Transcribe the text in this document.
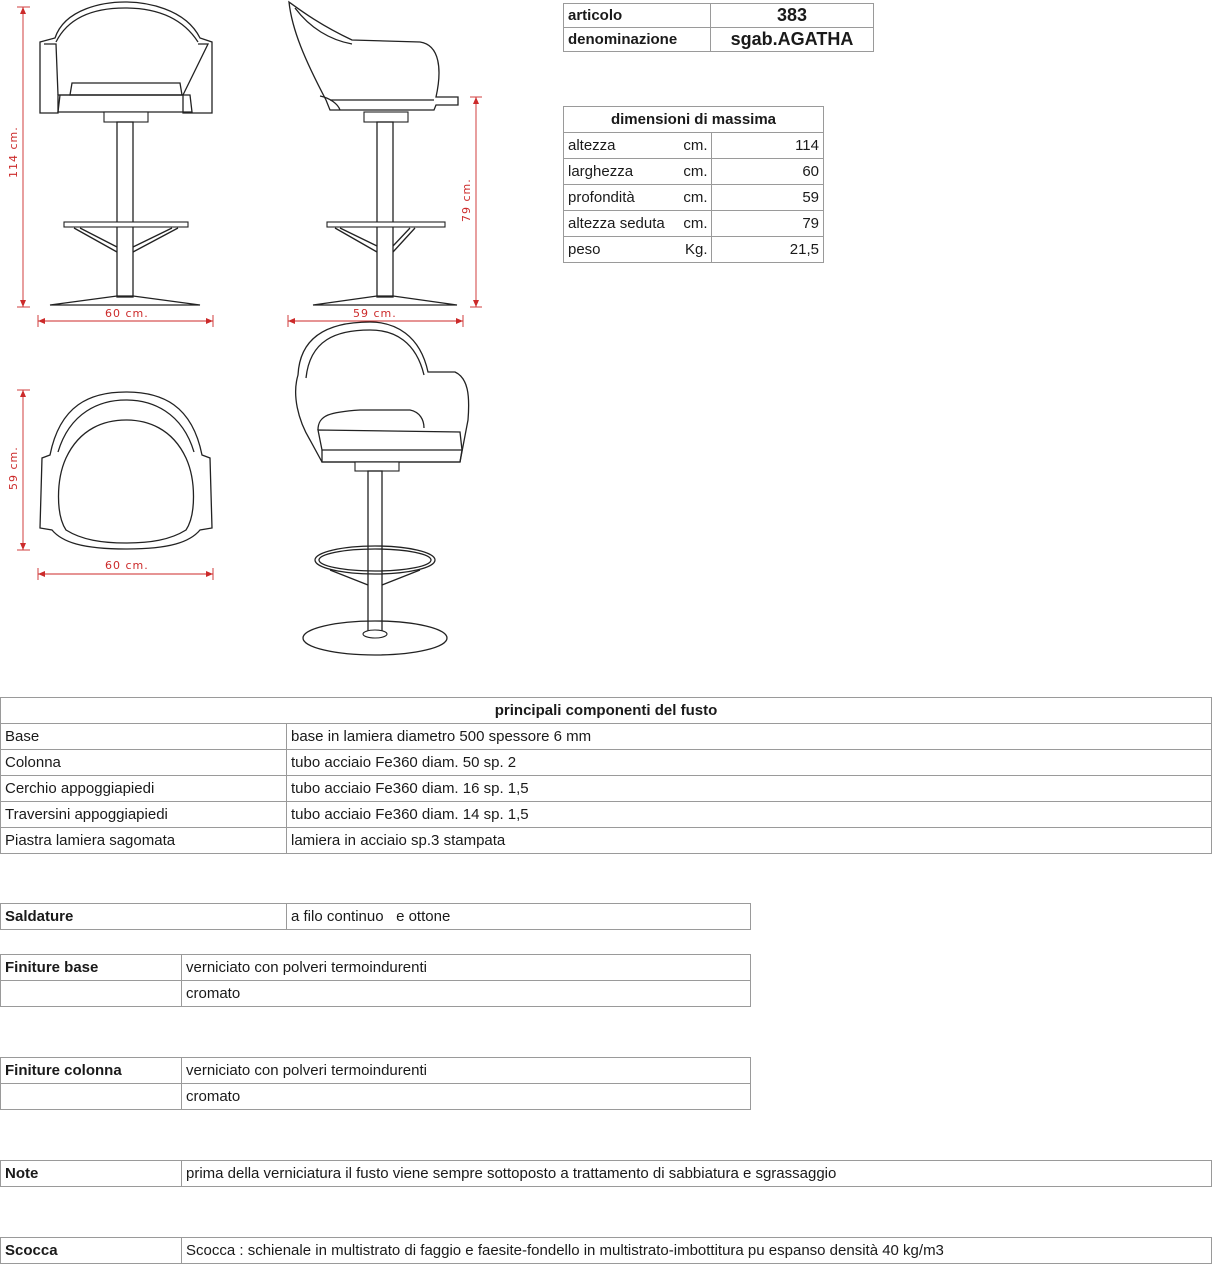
114 cm.
60 cm.	59 cm.
79 cm.
59 cm.
60 cm.
articolo	383
denominazione	sgab.AGATHA
dimensioni di massima	
altezza cm.	114
larghezza cm.	60
profondità cm.	59
altezza seduta cm.	79
peso Kg.	21,5
principali componenti del fusto	
Base	base in lamiera diametro 500 spessore 6 mm
Colonna	tubo acciaio Fe360 diam. 50 sp. 2
Cerchio appoggiapiedi	tubo acciaio Fe360 diam. 16 sp. 1,5
Traversini appoggiapiedi	tubo acciaio Fe360 diam. 14 sp. 1,5
Piastra lamiera sagomata	lamiera in acciaio sp.3 stampata
Saldature	a filo continuo   e ottone
Finiture base	verniciato con polveri termoindurenti
	cromato
Finiture colonna	verniciato con polveri termoindurenti
	cromato
Note	prima della verniciatura il fusto viene sempre sottoposto a trattamento di sabbiatura e sgrassaggio
Scocca	Scocca : schienale in multistrato di faggio e faesite-fondello in multistrato-imbottitura pu espanso densità 40 kg/m3
